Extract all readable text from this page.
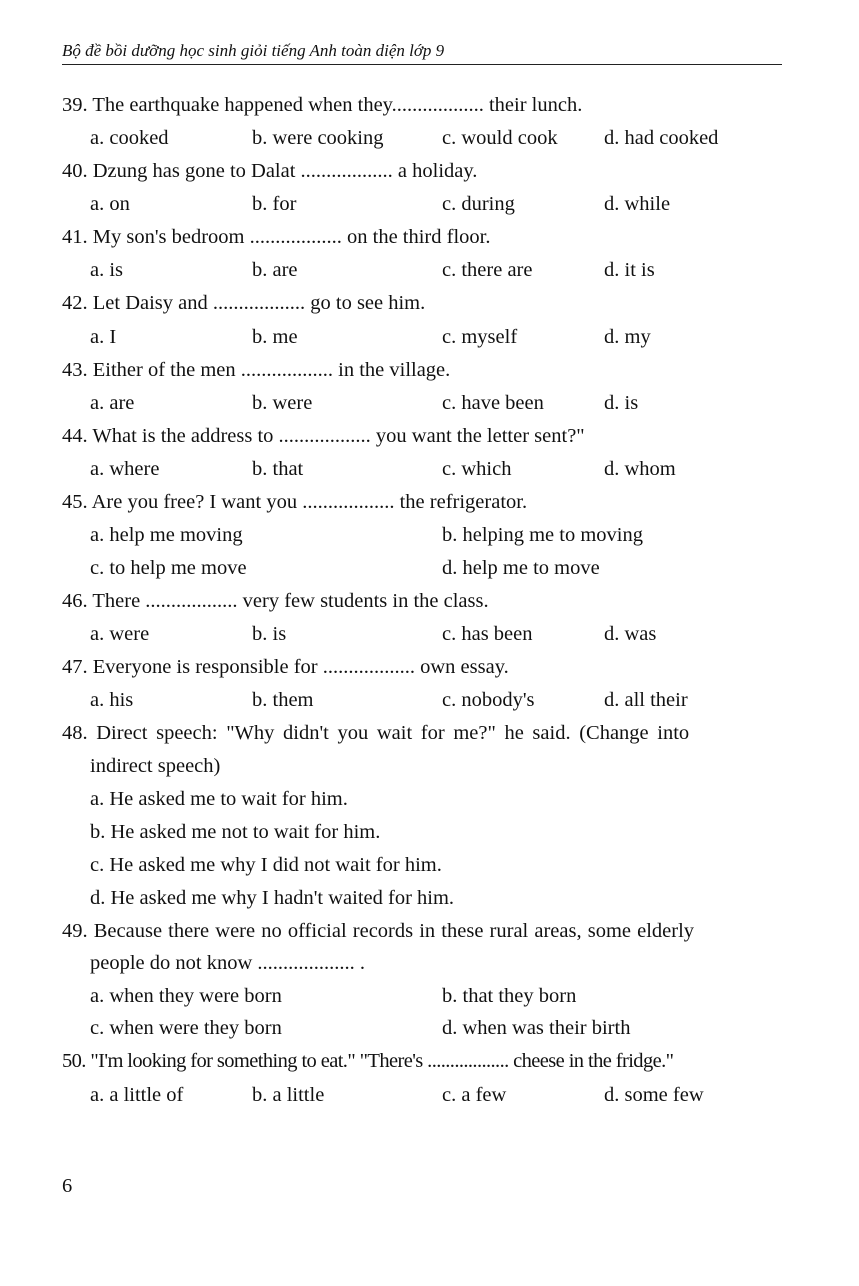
Bộ đề bồi dưỡng học sinh giỏi tiếng Anh toàn diện lớp 9
39. The earthquake happened when they.................. their lunch.
a. cooked	b. were cooking	c. would cook d. had cooked
40. Dzung has gone to Dalat .................. a holiday.
a. on	b. for	c. during	d. while
41. My son's bedroom .................. on the third floor.
a. is	b. are	c. there are	d. it is
42. Let Daisy and .................. go to see him.
a. I	b. me	c. myself	d. my
43. Either of the men .................. in the village.
a. are	b. were	c. have been	d. is
44. What is the address to .................. you want the letter sent?"
a. where	b. that	c. which	d. whom
45. Are you free? I want you .................. the refrigerator.
a. help me moving	b. helping me to moving
c. to help me move	d. help me to move
46. There .................. very few students in the class.
a. were	b. is	c. has been	d. was
47. Everyone is responsible for .................. own essay.
a. his	b. them	c. nobody's	d. all their
48. Direct speech: "Why didn't you wait for me?" he said. (Change into
indirect speech)
a. He asked me to wait for him.
b. He asked me not to wait for him.
c. He asked me why I did not wait for him.
d. He asked me why I hadn't waited for him.
49. Because there were no official records in these rural areas, some elderly
people do not know ................... .
a. when they were born	b. that they born
c. when were they born	d. when was their birth
50. "I'm looking for something to eat." "There's .................. cheese in the fridge."
a. a little of	b. a little	c. a few	d. some few
6
